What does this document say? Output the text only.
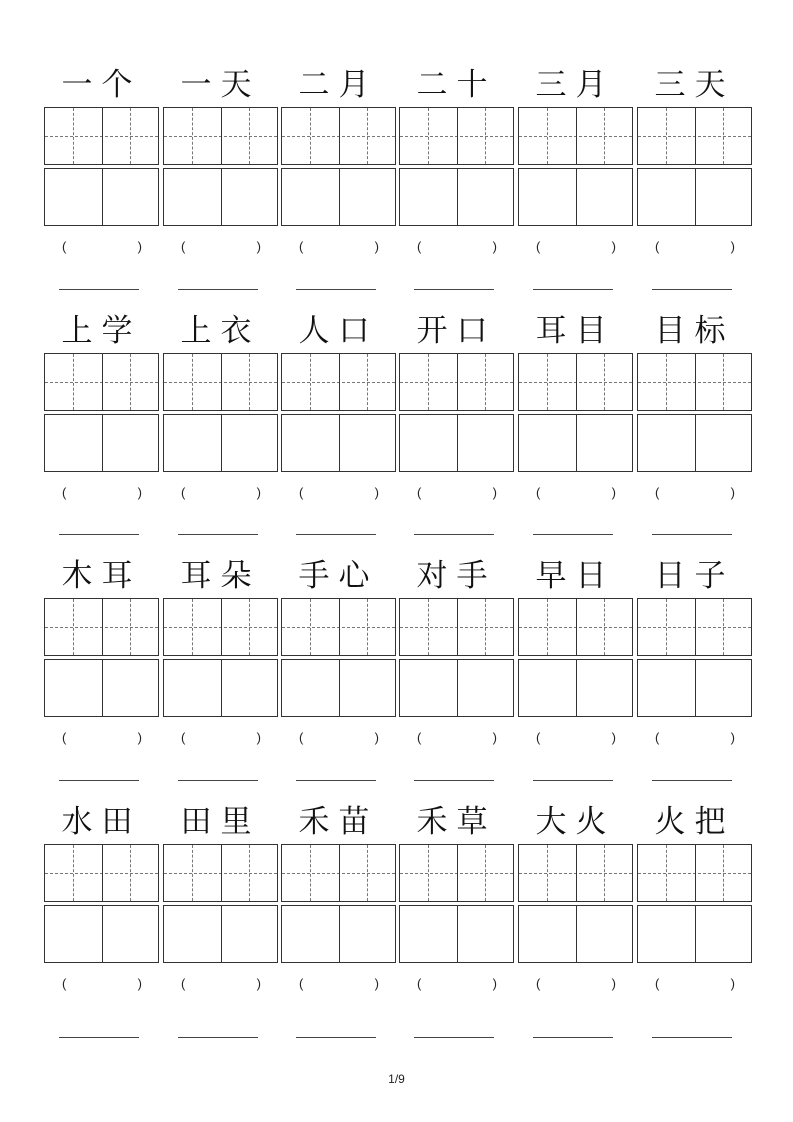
一个
(	)
一天
(	)
二月
(	)
二十
(	)
三月
(	)
三天
(	)
上学
(	)
上衣
(	)
人口
(	)
开口
(	)
耳目
(	)
目标
(	)
木耳
(	)
耳朵
(	)
手心
(	)
对手
(	)
早日
(	)
日子
(	)
水田
(	)
田里
(	)
禾苗
(	)
禾草
(	)
大火
(	)
火把
(	)
1/9
